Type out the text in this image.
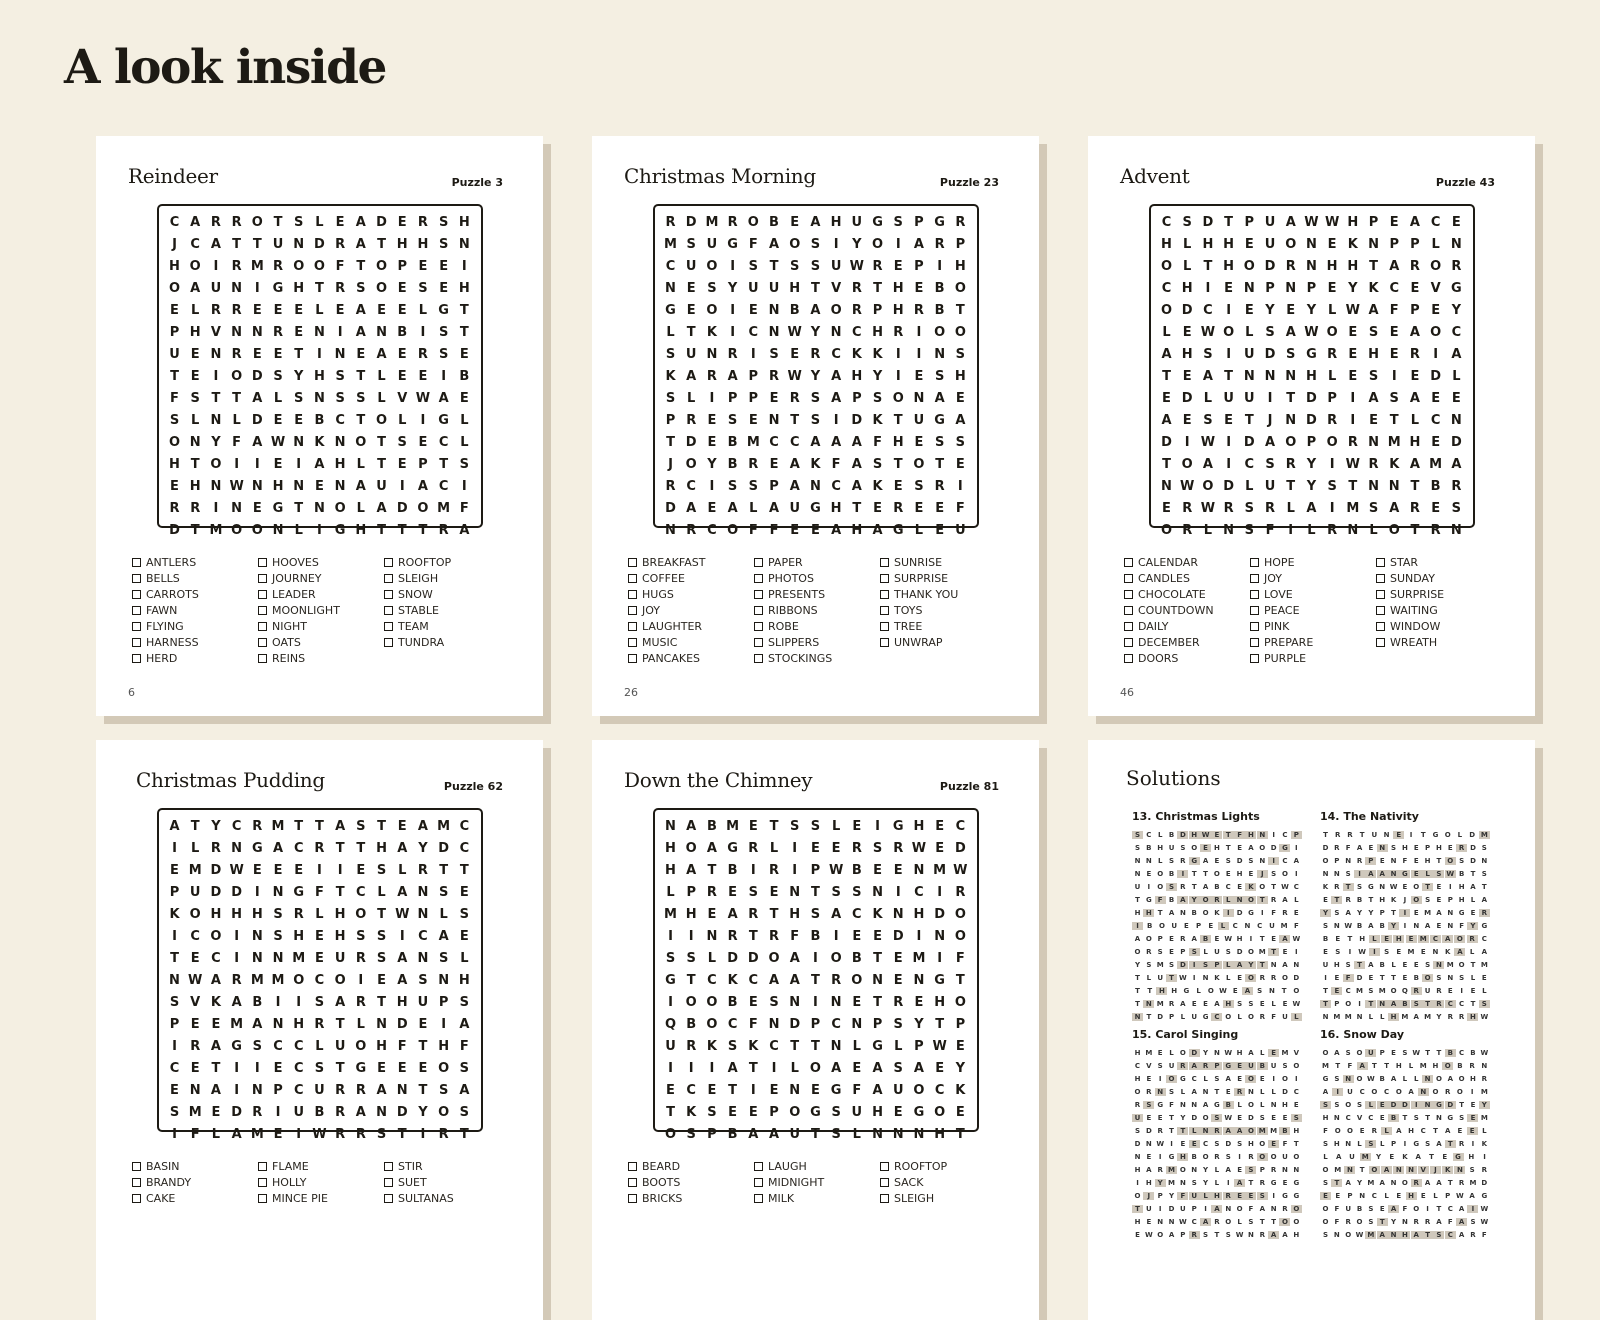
A look inside
Reindeer	Puzzle 3
C A R R O T S L E A D E R S H
J	C A T T U N D R A T H H S N
H O I	R M R O O F T O P E E	I
O A U N I G H T R S O E S E H
E L R R E E E L E A E E L G T
P H V N N R E N I	A N B	I	S T
U E N R E E T	I N E A E R S E
T E	I O D S Y H S T L E E	I	B
F S T T A L S N S S L V W A E
S L N L D E E B C T O L	I G L
O N Y F A W N K N O T S E C L
H T O I	I	E	I	A H L T E P T S
E H N W N H N E N A U	I	A C	I
R R	I N E G T N O L A D O M F
D T M O O N L	I G H T T T R A
ANTLERS
BELLS
CARROTS
FAWN
FLYING
HARNESS
HERD
HOOVES
JOURNEY
LEADER
MOONLIGHT
NIGHT
OATS
REINS
ROOFTOP
SLEIGH
SNOW
STABLE
TEAM
TUNDRA
6
Christmas Morning	Puzzle 23
R D M R O B E A H U G S P G R
M S U G F A O S	I	Y O I	A R P
C U O I	S T S S U W R E P	I H
N E S Y U U H T V R T H E B O
G E O I	E N B A O R P H R B T
L T K	I	C N W Y N C H R	I O O
S U N R	I	S E R C K K	I	I N S
K A R A P R W Y A H Y	I	E S H
S L	I	P P E R S A P S O N A E
P R E S E N T S	I D K T U G A
T D E B M C C A A A F H E S S
J O Y B R E A K F A S T O T E
R C	I	S S P A N C A K E S R	I
D A E A L A U G H T E R E E F
N R C O F F E E A H A G L E U
BREAKFAST
COFFEE
HUGS
JOY
LAUGHTER
MUSIC
PANCAKES
PAPER
PHOTOS
PRESENTS
RIBBONS
ROBE
SLIPPERS
STOCKINGS
SUNRISE
SURPRISE
THANK YOU
TOYS
TREE
UNWRAP
26
Advent	Puzzle 43
C S D T P U A W W H P E A C E
H L H H E U O N E K N P P L N
O L T H O D R N H H T A R O R
C H I	E N P N P E Y K C E V G
O D C	I	E Y E Y L W A F P E Y
L E W O L S A W O E S E A O C
A H S	I	U D S G R E H E R	I	A
T E A T N N N H L E S	I	E D L
E D L U U	I	T D P	I	A S A E E
A E S E T	J N D R	I	E T L C N
D I W I D A O P O R N M H E D
T O A	I	C S R Y	I W R K A M A
N W O D L U T Y S T N N T B R
E R W R S R L A	I M S A R E S
O R L N S F	I	L R N L O T R N
CALENDAR
CANDLES
CHOCOLATE
COUNTDOWN
DAILY
DECEMBER
DOORS
HOPE
JOY
LOVE
PEACE
PINK
PREPARE
PURPLE
STAR
SUNDAY
SURPRISE
WAITING
WINDOW
WREATH
46
Christmas Pudding	Puzzle 62
A T Y C R M T T A S T E A M C
I	L R N G A C R T T H A Y D C
E M D W E E E	I	I	E S L R T T
P U D D I N G F T C L A N S E
K O H H H S R L H O T W N L S
I	C O I N S H E H S S	I	C A E
T E C	I N N M E U R S A N S L
N W A R M M O C O I	E A S N H
S V K A B	I	I	S A R T H U P S
P E E M A N H R T L N D E	I	A
I	R A G S C C L U O H F T H F
C E T	I	I	E C S T G E E E O S
E N A	I N P C U R R A N T S A
S M E D R	I	U B R A N D Y O S
I	F L A M E	I W R R S T	I	R T
BASIN
BRANDY
CAKE
FLAME
HOLLY
MINCE PIE
STIR
SUET
SULTANAS
Down the Chimney	Puzzle 81
N A B M E T S S L E	I G H E C
H O A G R L	I	E E R S R W E D
H A T B	I	R	I	P W B E E N M W
L P R E S E N T S S N I	C	I	R
M H E A R T H S A C K N H D O
I	I N R T R F B	I	E E D I N O
S S L D D O A	I O B T E M I	F
G T C K C A A T R O N E N G T
I O O B E S N I N E T R E H O
Q B O C F N D P C N P S Y T P
U R K S K C T T N L G L P W E
I	I	I	A T	I	L O A E A S A E Y
E C E T	I	E N E G F A U O C K
T K S E E P O G S U H E G O E
O S P B A A U T S L N N N H T
BEARD
BOOTS
BRICKS
LAUGH
MIDNIGHT
MILK
ROOFTOP
SACK
SLEIGH
Solutions
13. Christmas Lights
S C L B D H W E T F H N	I	C P
S B H U S O E H T E A O D G	I
N N L S R G A E S D S N	I	C A
N E O B	I	T T O E H E	J	S O	I
U	I	O S R T A B C E K O T W C
T G F B A Y O R L N O T R A L
H H T A N B O K	I	D G	I	F R E
I	B O U E	P	E	L	C N C U M F
A O P E R A B E W H	I	T E A W
O R S E P S L U S D O M T E	I
Y S M S D	I	S P L A Y T N A N
T L U T W I	N K L E O R R O D
T	T H H G	L	O W E	A S N T O
T N M R A E E A H S S E L E W
N T D P L U G C O L O R F U L
14. The Nativity
T	R R	T U N E	I	T G O	L	D M
D R F A E N S H E P H E R D S
O P N R P E N F E H T O S D N
N N S	I	A A N G E L S W B T S
K R T S G N W E O T E	I	H A T
E T R B T H K	J	O S E P H L A
Y S A Y Y P T	I	E M A N G E R
S N W B A B Y	I	N A E N F Y G
B	E	T H	L	E H E M C A O R C
E	S	I	W	I	S	E M E N K A	L	A
U H S T A B L E E S N M O T M
I	E F D E T T E B O S N S L E
T E C M S M O Q R U R E	I	E L
T P O	I	T N A B S T R C C T S
N M M N L L H M A M Y R R H W
15. Carol Singing
H M E L O D Y N W H A L E M V
C V S U R A R P G E U B U S O
H E	I	O G C L S A E O E	I	O	I
O R N S L A N T E R N L L D C
R S G F N N A G B L O L N H E
U E E T Y D O S W E D S E E S
S D R T T L N R A A O M M B H
D N W I	E E C S D S H O E F T
N E	I	G H B O R S	I	R O O U O
H A R M O N Y L A E S P R N N
I	H Y M N S Y L	I	A T R G E G
O	J	P Y F U L H R E E S	I	G G
T U	I	D U P	I	A N O F A N R O
H E N N W C A R O L S T T O O
E W O A P R S T S W N R A A H
16. Snow Day
O A S O U P E S W T T B C B W
M T	F	A	T	T H	L M H O B R N
G S N O W B A L L N O A O H R
A	I	U C O C O A N O R O	I	M
S S O S L E D D	I	N G D T E Y
H N C V C E B T S T N G S E M
F O O E	R	L	A H C	T	A	E	E	L
S H N L S L P	I	G S A T R	I	K
L	A	U M	Y	E	K	A	T	E	G	H	I
O M N T O A N N V	J	K N S	R
S T A Y M A N O R A A T R M D
E	E	P N C	L	E H E	L	P W A G
O F U B S E A F O	I	T C A	I W
O F R O S T Y N R R A F A S W
S N O W M A N H A T S C A R F
